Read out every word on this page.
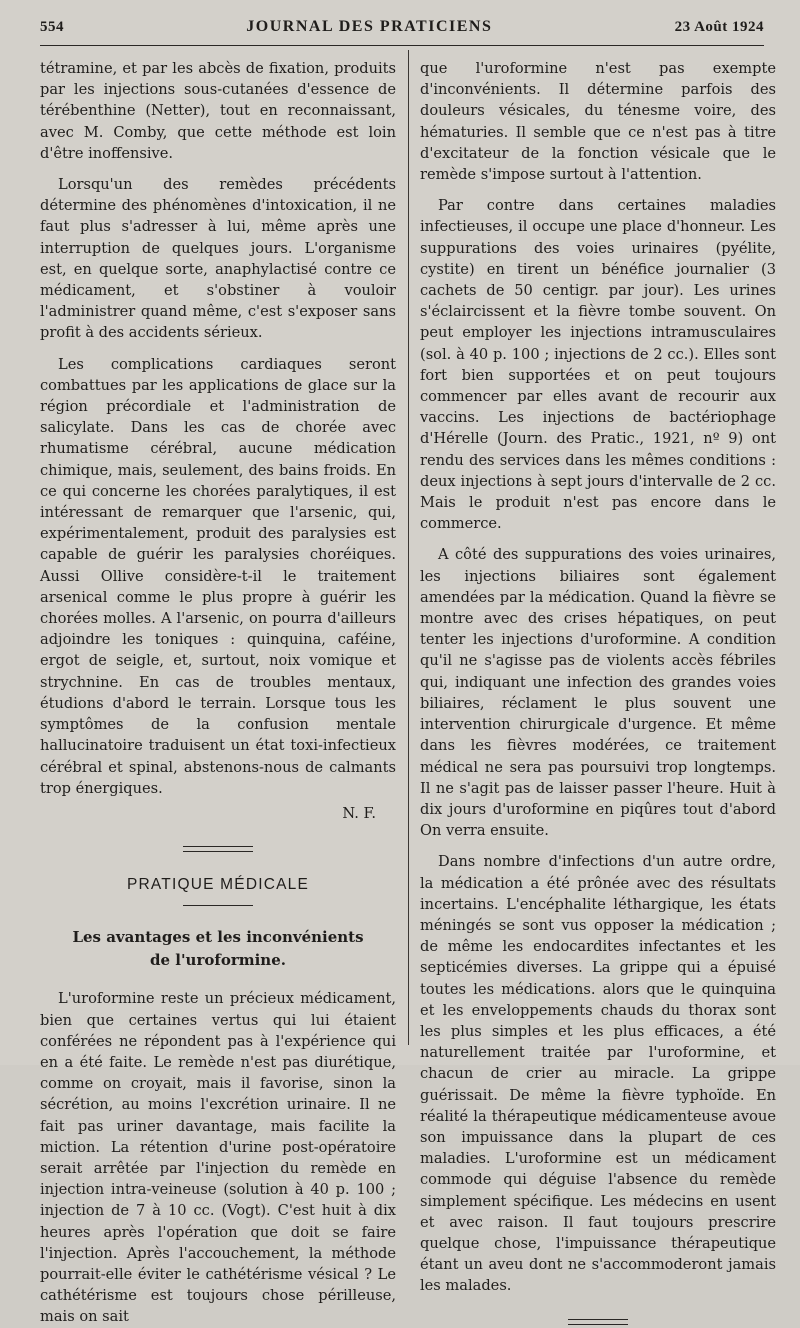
554	JOURNAL DES PRATICIENS	23 Août 1924

tétramine, et par les abcès de fixation, produits par les injections sous-cutanées d'essence de térébenthine (Netter), tout en reconnaissant, avec M. Comby, que cette méthode est loin d'être inoffensive.

Lorsqu'un des remèdes précédents détermine des phénomènes d'intoxication, il ne faut plus s'adresser à lui, même après une interruption de quelques jours. L'organisme est, en quelque sorte, anaphylactisé contre ce médicament, et s'obstiner à vouloir l'administrer quand même, c'est s'exposer sans profit à des accidents sérieux.

Les complications cardiaques seront combattues par les applications de glace sur la région précordiale et l'administration de salicylate. Dans les cas de chorée avec rhumatisme cérébral, aucune médication chimique, mais, seulement, des bains froids. En ce qui concerne les chorées paralytiques, il est intéressant de remarquer que l'arsenic, qui, expérimentalement, produit des paralysies est capable de guérir les paralysies choréiques. Aussi Ollive considère-t-il le traitement arsenical comme le plus propre à guérir les chorées molles. A l'arsenic, on pourra d'ailleurs adjoindre les toniques : quinquina, caféine, ergot de seigle, et, surtout, noix vomique et strychnine. En cas de troubles mentaux, étudions d'abord le terrain. Lorsque tous les symptômes de la confusion mentale hallucinatoire traduisent un état toxi-infectieux cérébral et spinal, abstenons-nous de calmants trop énergiques.

N. F.

PRATIQUE MÉDICALE
Les avantages et les inconvénients
de l'uroformine.

L'uroformine reste un précieux médicament, bien que certaines vertus qui lui étaient conférées ne répondent pas à l'expérience qui en a été faite. Le remède n'est pas diurétique, comme on croyait, mais il favorise, sinon la sécrétion, au moins l'excrétion urinaire. Il ne fait pas uriner davantage, mais facilite la miction. La rétention d'urine post-opératoire serait arrêtée par l'injection du remède en injection intra-veineuse (solution à 40 p. 100 ; injection de 7 à 10 cc. (Vogt). C'est huit à dix heures après l'opération que doit se faire l'injection. Après l'accouchement, la méthode pourrait-elle éviter le cathétérisme vésical ? Le cathétérisme est toujours chose périlleuse, mais on sait

que l'uroformine n'est pas exempte d'inconvénients. Il détermine parfois des douleurs vésicales, du ténesme voire, des hématuries. Il semble que ce n'est pas à titre d'excitateur de la fonction vésicale que le remède s'impose surtout à l'attention.

Par contre dans certaines maladies infectieuses, il occupe une place d'honneur. Les suppurations des voies urinaires (pyélite, cystite) en tirent un bénéfice journalier (3 cachets de 50 centigr. par jour). Les urines s'éclaircissent et la fièvre tombe souvent. On peut employer les injections intramusculaires (sol. à 40 p. 100 ; injections de 2 cc.). Elles sont fort bien supportées et on peut toujours commencer par elles avant de recourir aux vaccins. Les injections de bactériophage d'Hérelle (Journ. des Pratic., 1921, nº 9) ont rendu des services dans les mêmes conditions : deux injections à sept jours d'intervalle de 2 cc. Mais le produit n'est pas encore dans le commerce.

A côté des suppurations des voies urinaires, les injections biliaires sont également amendées par la médication. Quand la fièvre se montre avec des crises hépatiques, on peut tenter les injections d'uroformine. A condition qu'il ne s'agisse pas de violents accès fébriles qui, indiquant une infection des grandes voies biliaires, réclament le plus souvent une intervention chirurgicale d'urgence. Et même dans les fièvres modérées, ce traitement médical ne sera pas poursuivi trop longtemps. Il ne s'agit pas de laisser passer l'heure. Huit à dix jours d'uroformine en piqûres tout d'abord On verra ensuite.

Dans nombre d'infections d'un autre ordre, la médication a été prônée avec des résultats incertains. L'encéphalite léthargique, les états méningés se sont vus opposer la médication ; de même les endocardites infectantes et les septicémies diverses. La grippe qui a épuisé toutes les médications. alors que le quinquina et les enveloppements chauds du thorax sont les plus simples et les plus efficaces, a été naturellement traitée par l'uroformine, et chacun de crier au miracle. La grippe guérissait. De même la fièvre typhoïde. En réalité la thérapeutique médicamenteuse avoue son impuissance dans la plupart de ces maladies. L'uroformine est un médicament commode qui déguise l'absence du remède simplement spécifique. Les médecins en usent et avec raison. Il faut toujours prescrire quelque chose, l'impuissance thérapeutique étant un aveu dont ne s'accommoderont jamais les malades.
